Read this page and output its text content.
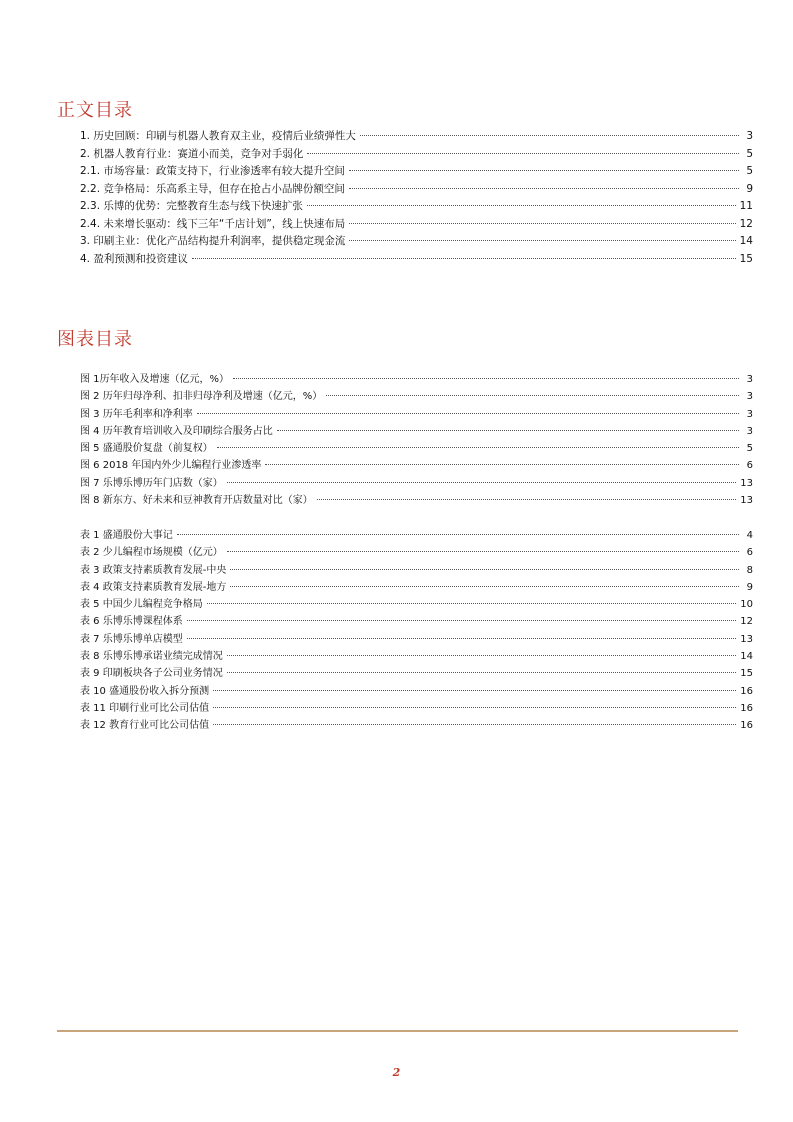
正文目录
1. 历史回顾：印刷与机器人教育双主业，疫情后业绩弹性大	3
2. 机器人教育行业：赛道小而美，竞争对手弱化	5
2.1. 市场容量：政策支持下，行业渗透率有较大提升空间	5
2.2. 竞争格局：乐高系主导，但存在抢占小品牌份额空间	9
2.3. 乐博的优势：完整教育生态与线下快速扩张	11
2.4. 未来增长驱动：线下三年“千店计划”，线上快速布局	12
3. 印刷主业：优化产品结构提升利润率，提供稳定现金流	14
4. 盈利预测和投资建议	15
图表目录
图 1历年收入及增速（亿元，%）	3
图 2 历年归母净利、扣非归母净利及增速（亿元，%）	3
图 3 历年毛利率和净利率	3
图 4 历年教育培训收入及印刷综合服务占比	3
图 5 盛通股价复盘（前复权）	5
图 6 2018 年国内外少儿编程行业渗透率	6
图 7 乐博乐博历年门店数（家）	13
图 8 新东方、好未来和豆神教育开店数量对比（家）	13
表 1 盛通股份大事记	4
表 2 少儿编程市场规模（亿元）	6
表 3 政策支持素质教育发展-中央	8
表 4 政策支持素质教育发展-地方	9
表 5 中国少儿编程竞争格局	10
表 6 乐博乐博课程体系	12
表 7 乐博乐博单店模型	13
表 8 乐博乐博承诺业绩完成情况	14
表 9 印刷板块各子公司业务情况	15
表 10 盛通股份收入拆分预测	16
表 11 印刷行业可比公司估值	16
表 12 教育行业可比公司估值	16
2
